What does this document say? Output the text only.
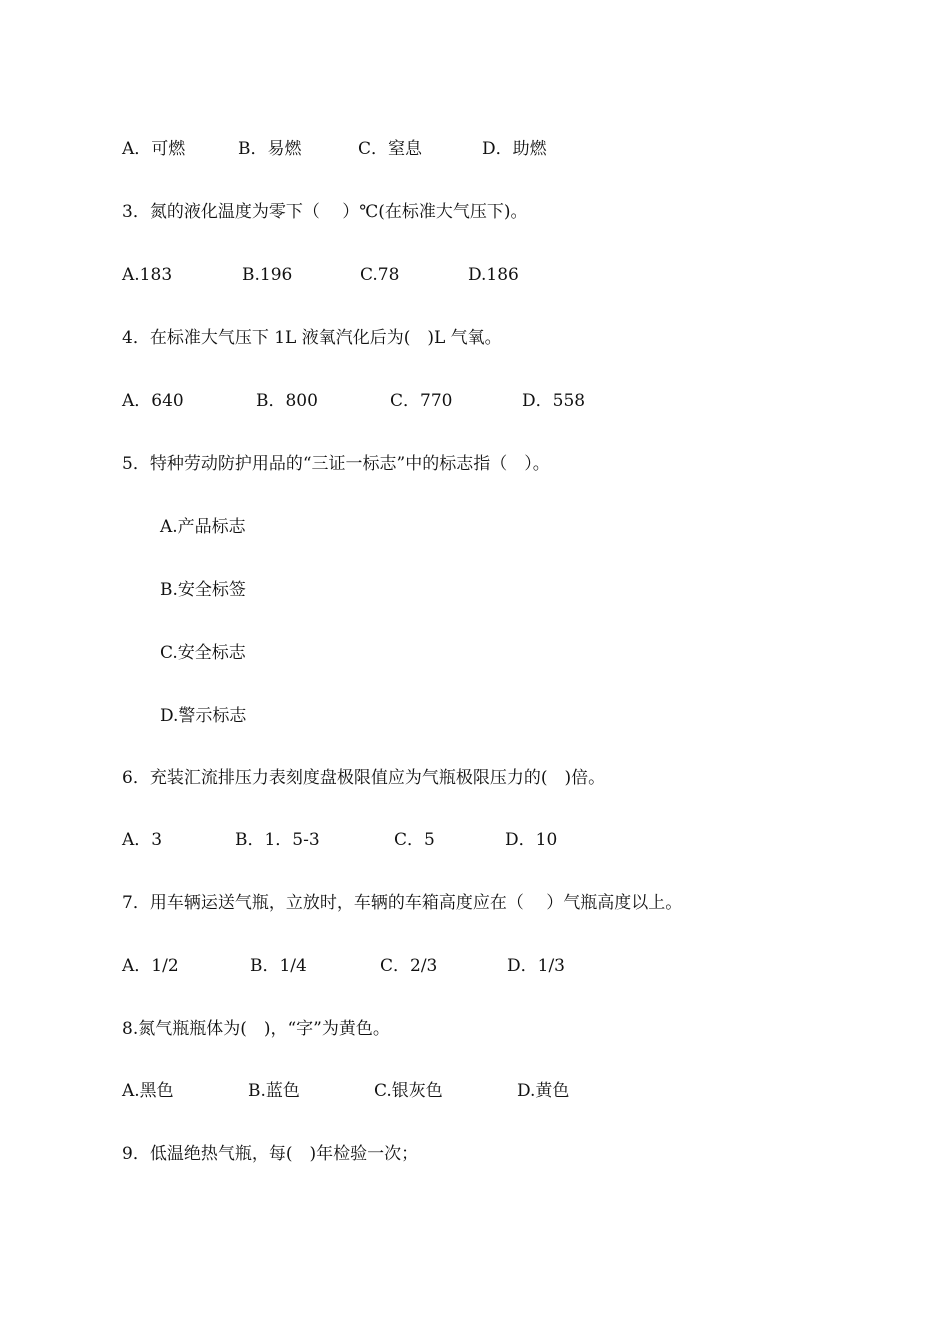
A．可燃	B．易燃	C．窒息	D．助燃
3．氮的液化温度为零下（　 ）℃(在标准大气压下)。
A.183	B.196	C.78	D.186
4．在标准大气压下 1L 液氧汽化后为(　)L 气氧。
A．640	B．800	C．770	D．558
5．特种劳动防护用品的“三证一标志”中的标志指（　）。
A.产品标志
B.安全标签
C.安全标志
D.警示标志
6．充装汇流排压力表刻度盘极限值应为气瓶极限压力的(　)倍。
A．3	B．1．5-3	C．5	D．10
7．用车辆运送气瓶，立放时，车辆的车箱高度应在（　 ）气瓶高度以上。
A．1/2	B．1/4	C．2/3	D．1/3
8.氮气瓶瓶体为(　)，“字”为黄色。
A.黑色	B.蓝色	C.银灰色	D.黄色
9．低温绝热气瓶，每(　)年检验一次；
